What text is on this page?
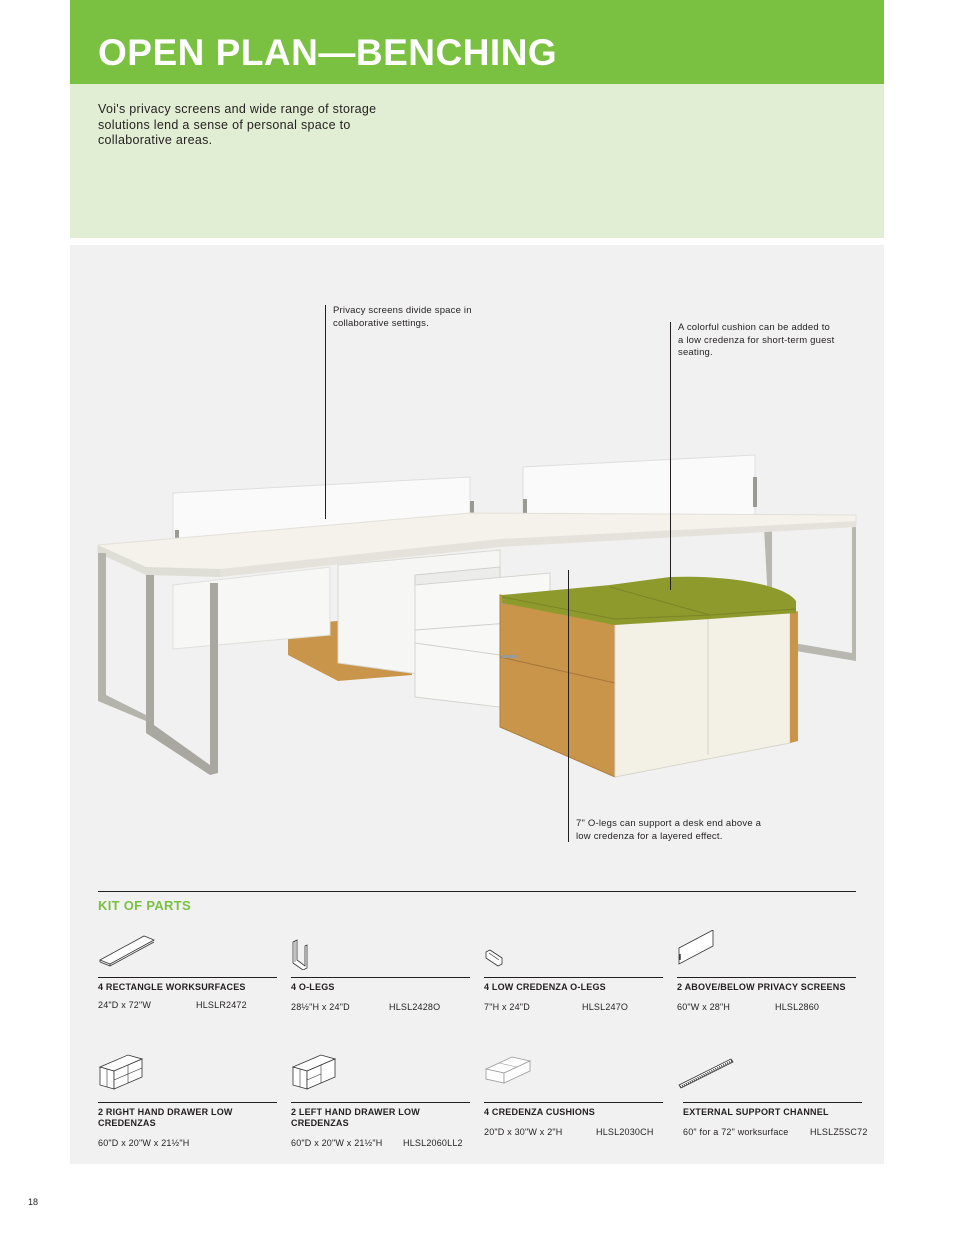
OPEN PLAN—BENCHING

Voi's privacy screens and wide range of storage solutions lend a sense of personal space to collaborative areas.

Privacy screens divide space in collaborative settings.	A colorful cushion can be added to a low credenza for short-term guest seating.

7" O-legs can support a desk end above a low credenza for a layered effect.

KIT OF PARTS
4 RECTANGLE WORKSURFACES
24"D x 72"W	HLSLR2472
4 O-LEGS
28½"H x 24"D	HLSL2428O
4 LOW CREDENZA O-LEGS
7"H x 24"D	HLSL247O
2 ABOVE/BELOW PRIVACY SCREENS
60"W x 28"H	HLSL2860
2 RIGHT HAND DRAWER LOW CREDENZAS
60"D x 20"W x 21½"H
2 LEFT HAND DRAWER LOW CREDENZAS
60"D x 20"W x 21½"H HLSL2060LL2
4 CREDENZA CUSHIONS
20"D x 30"W x 2"H	HLSL2030CH
EXTERNAL SUPPORT CHANNEL
60" for a 72" worksurface HLSLZ5SC72
18
